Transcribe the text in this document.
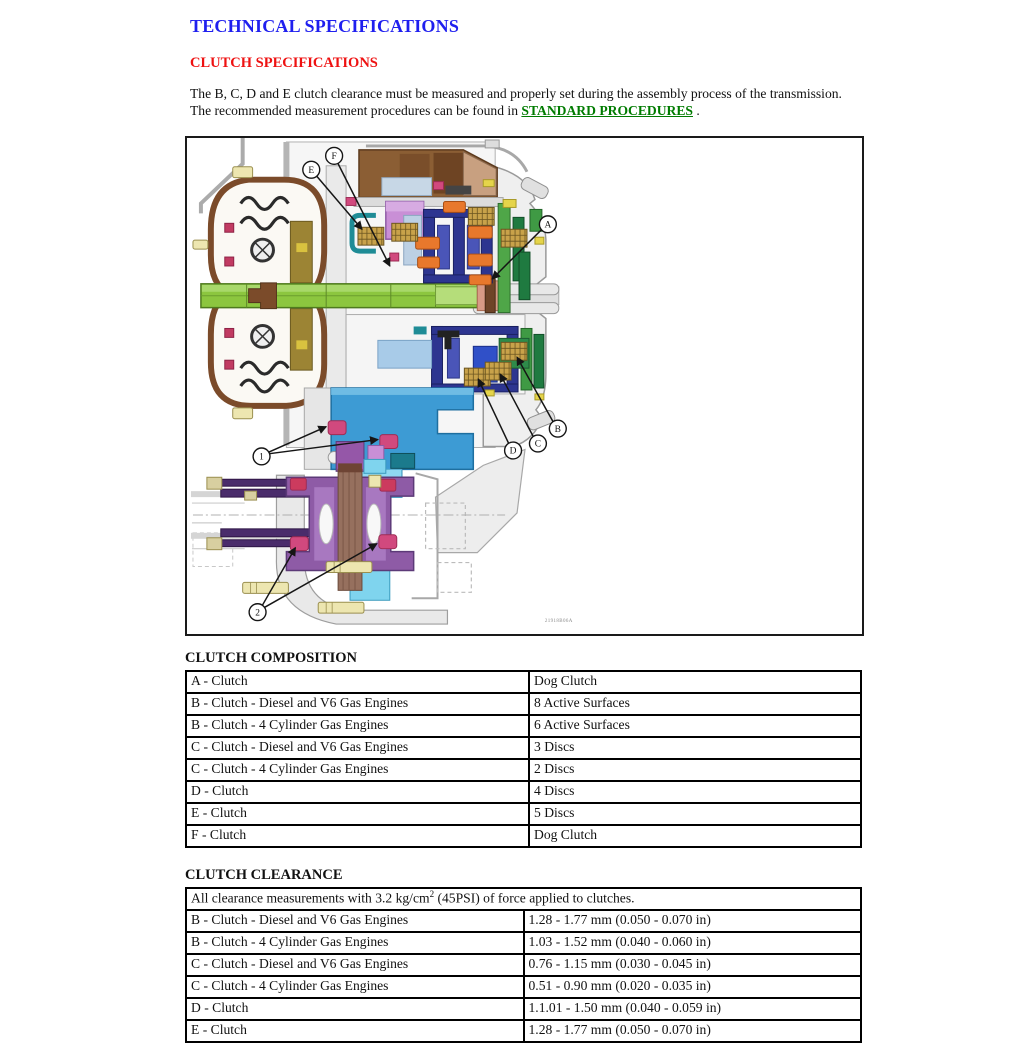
TECHNICAL SPECIFICATIONS
CLUTCH SPECIFICATIONS

The B, C, D and E clutch clearance must be measured and properly set during the assembly process of the transmission. The recommended measurement procedures can be found in STANDARD PROCEDURES .

E
F
A
B
C
D
1
2
21918B06A
CLUTCH COMPOSITION
A - Clutch	Dog Clutch
B - Clutch - Diesel and V6 Gas Engines	8 Active Surfaces
B - Clutch - 4 Cylinder Gas Engines	6 Active Surfaces
C - Clutch - Diesel and V6 Gas Engines	3 Discs
C - Clutch - 4 Cylinder Gas Engines	2 Discs
D - Clutch	4 Discs
E - Clutch	5 Discs
F - Clutch	Dog Clutch
CLUTCH CLEARANCE
All clearance measurements with 3.2 $kg/cm^2$ (45PSI) of force applied to clutches.	
B - Clutch - Diesel and V6 Gas Engines	1.28 - 1.77 mm (0.050 - 0.070 in)
B - Clutch - 4 Cylinder Gas Engines	1.03 - 1.52 mm (0.040 - 0.060 in)
C - Clutch - Diesel and V6 Gas Engines	0.76 - 1.15 mm (0.030 - 0.045 in)
C - Clutch - 4 Cylinder Gas Engines	0.51 - 0.90 mm (0.020 - 0.035 in)
D - Clutch	1.1.01 - 1.50 mm (0.040 - 0.059 in)
E - Clutch	1.28 - 1.77 mm (0.050 - 0.070 in)
